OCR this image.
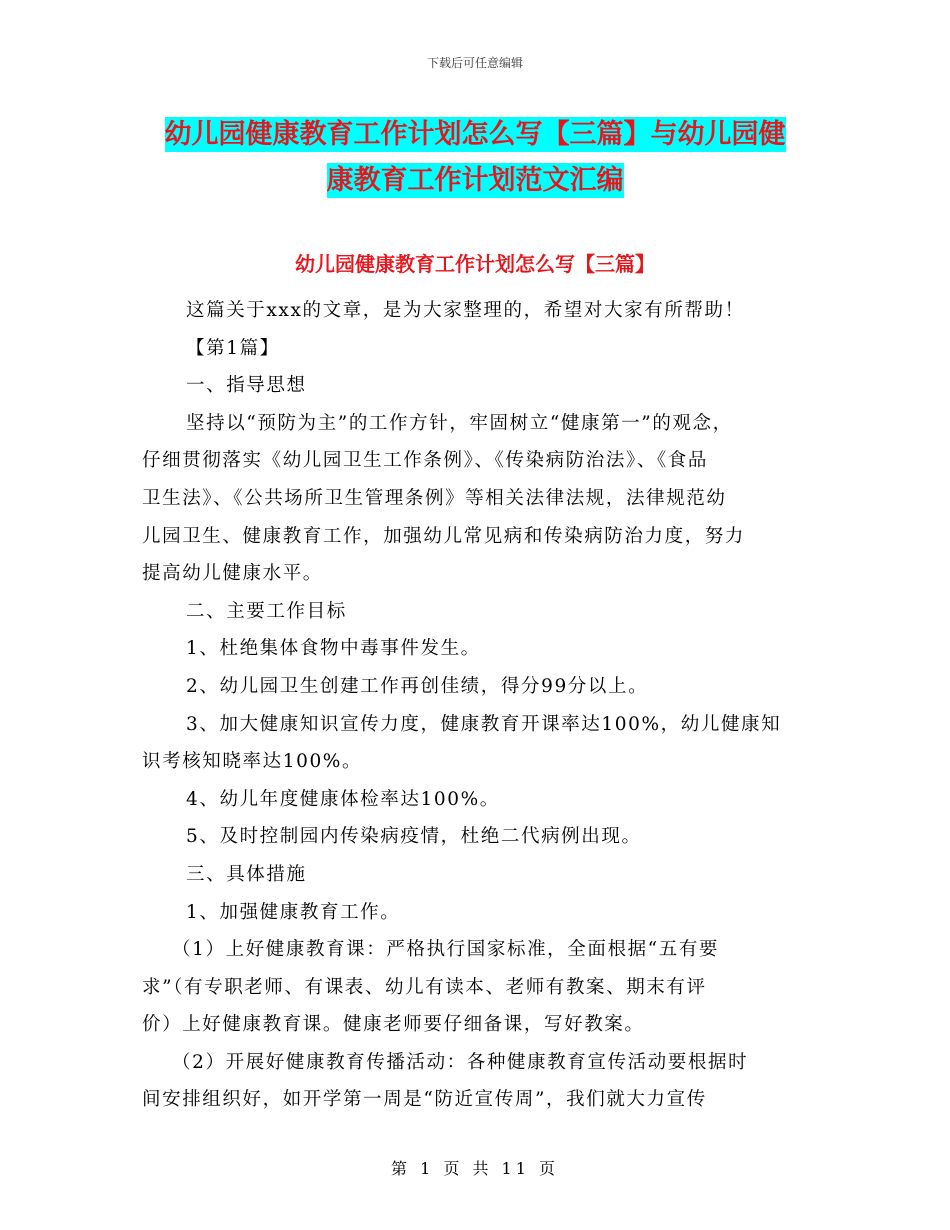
下载后可任意编辑
幼儿园健康教育工作计划怎么写【三篇】与幼儿园健
康教育工作计划范文汇编
幼儿园健康教育工作计划怎么写【三篇】
这篇关于xxx的文章，是为大家整理的，希望对大家有所帮助！
【第1篇】
一、指导思想
坚持以“预防为主”的工作方针，牢固树立“健康第一”的观念，
仔细贯彻落实《幼儿园卫生工作条例》、《传染病防治法》、《食品
卫生法》、《公共场所卫生管理条例》等相关法律法规，法律规范幼
儿园卫生、健康教育工作，加强幼儿常见病和传染病防治力度，努力
提高幼儿健康水平。
二、主要工作目标
1、杜绝集体食物中毒事件发生。
2、幼儿园卫生创建工作再创佳绩，得分99分以上。
3、加大健康知识宣传力度，健康教育开课率达100%，幼儿健康知
识考核知晓率达100%。
4、幼儿年度健康体检率达100%。
5、及时控制园内传染病疫情，杜绝二代病例出现。
三、具体措施
1、加强健康教育工作。
（1）上好健康教育课：严格执行国家标准，全面根据“五有要
求”（有专职老师、有课表、幼儿有读本、老师有教案、期末有评
价）上好健康教育课。健康老师要仔细备课，写好教案。
（2）开展好健康教育传播活动：各种健康教育宣传活动要根据时
间安排组织好，如开学第一周是“防近宣传周”，我们就大力宣传
第 1 页 共 11 页
